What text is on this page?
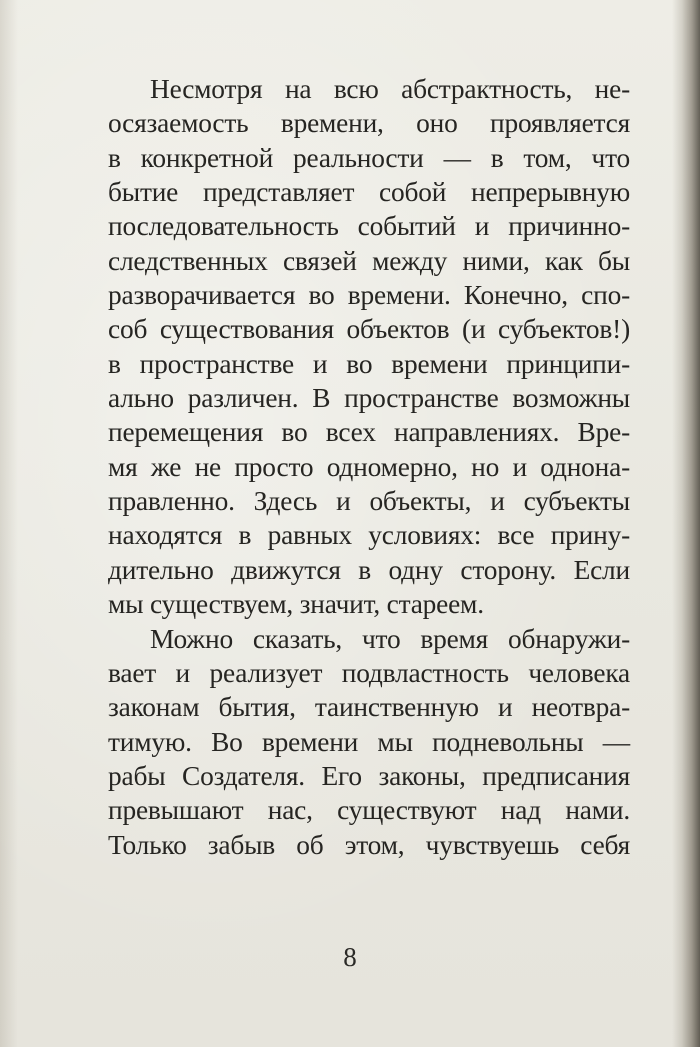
Несмотря на всю абстрактность, не-
осязаемость времени, оно проявляется
в конкретной реальности — в том, что
бытие представляет собой непрерывную
последовательность событий и причинно-
следственных связей между ними, как бы
разворачивается во времени. Конечно, спо-
соб существования объектов (и субъектов!)
в пространстве и во времени принципи-
ально различен. В пространстве возможны
перемещения во всех направлениях. Вре-
мя же не просто одномерно, но и однона-
правленно. Здесь и объекты, и субъекты
находятся в равных условиях: все прину-
дительно движутся в одну сторону. Если
мы существуем, значит, стареем.
Можно сказать, что время обнаружи-
вает и реализует подвластность человека
законам бытия, таинственную и неотвра-
тимую. Во времени мы подневольны —
рабы Создателя. Его законы, предписания
превышают нас, существуют над нами.
Только забыв об этом, чувствуешь себя
8
